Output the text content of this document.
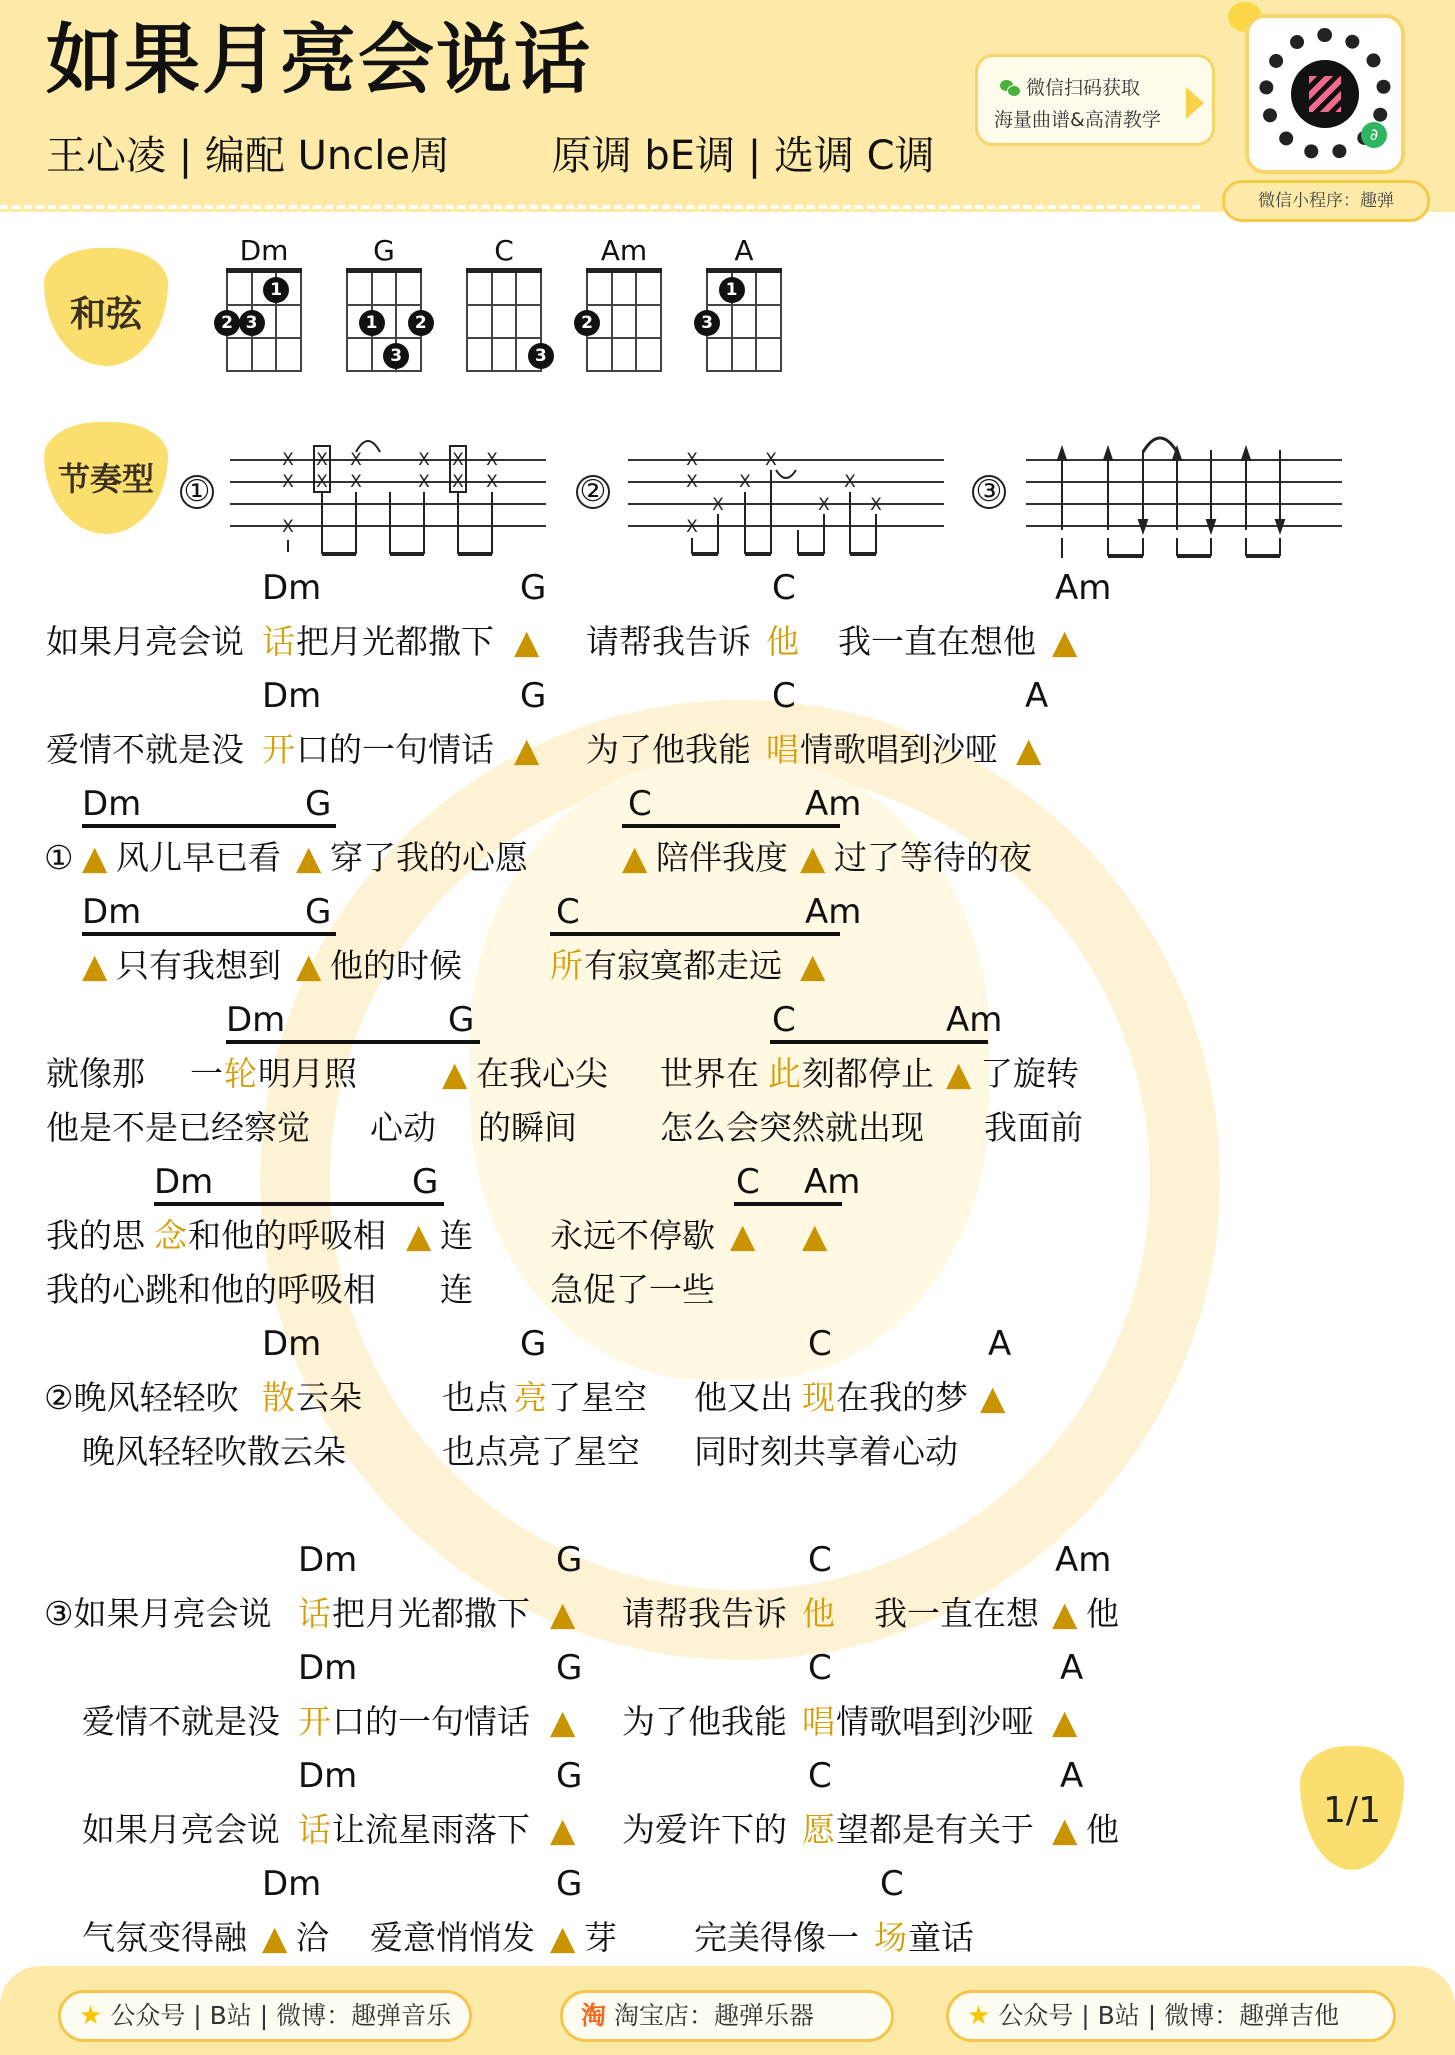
如果月亮会说话
王心凌 | 编配 Uncle周        原调 bE调 | 选调 C调
微信扫码获取
海量曲谱&高清教学
∂
微信小程序：趣弹
和弦
Dm
1
2 3
G
1	2
3
C
3
Am
2
A
1
3
节奏型 ①
X
X
X
X
X
X
X
X
X
X
X
X
X	②
X
X
X
X
X
X
X
X
X	③
Dm	G	C	Am
如果月亮会说 话 把月光都撒下 ▲ 请帮我告诉 他 我一直在想他 ▲
Dm	G	C	A
爱情不就是没 开 口的一句情话 ▲ 为了他我能 唱 情歌唱到沙哑 ▲
Dm	G	C	Am
① ▲ 风儿早已看 ▲ 穿了我的心愿	▲ 陪伴我度 ▲ 过了等待的夜
Dm	G	C	Am
▲ 只有我想到 ▲ 他的时候	所 有寂寞都走远 ▲
Dm	G	C	Am
就像那 一 轮 明月照	▲ 在我心尖 世界在 此 刻都停止 ▲ 了旋转
他是不是已经察觉 心动 的瞬间	怎么会突然就出现 我面前
Dm	G	C Am
我的思 念 和他的呼吸相 ▲ 连 永远不停歇 ▲ ▲
我的心跳和他的呼吸相 连 急促了一些
Dm	G	C	A
②晚风轻轻吹 散 云朵 也点 亮 了星空 他又出 现 在我的梦 ▲
晚风轻轻吹散云朵	也点亮了星空 同时刻共享着心动
Dm	G	C	Am
③如果月亮会说 话 把月光都撒下 ▲ 请帮我告诉 他 我一直在想 ▲ 他
Dm	G	C	A
爱情不就是没 开 口的一句情话 ▲ 为了他我能 唱 情歌唱到沙哑 ▲
Dm	G	C	A
如果月亮会说 话 让流星雨落下 ▲ 为爱许下的 愿 望都是有关于 ▲ 他
Dm	G	C
气氛变得融 ▲ 洽 爱意悄悄发 ▲ 芽 完美得像一 场 童话
1/1
★ 公众号 | B站 | 微博：趣弹音乐	淘 淘宝店：趣弹乐器	★ 公众号 | B站 | 微博：趣弹吉他
